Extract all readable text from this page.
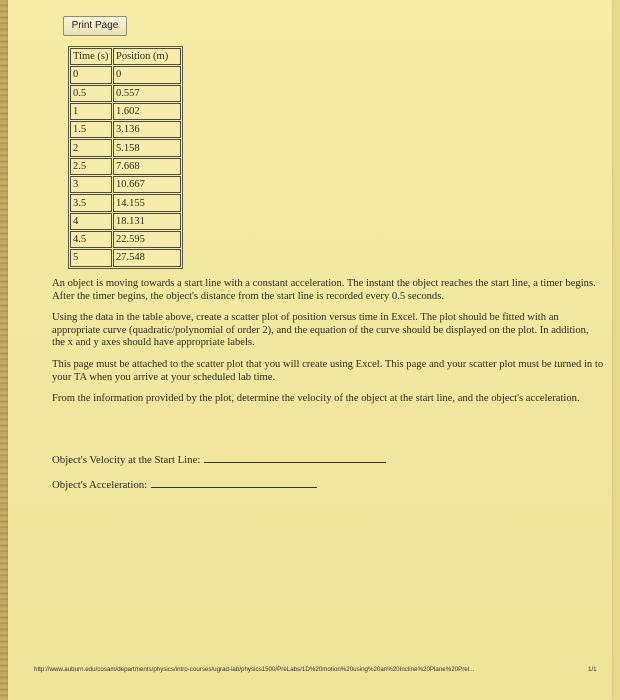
Print Page
Time (s)	Position (m)
0	0
0.5	0.557
1	1.602
1.5	3.136
2	5.158
2.5	7.668
3	10.667
3.5	14.155
4	18.131
4.5	22.595
5	27.548

An object is moving towards a start line with a constant acceleration. The instant the object reaches the start line, a timer begins. After the timer begins, the object's distance from the start line is recorded every 0.5 seconds.

Using the data in the table above, create a scatter plot of position versus time in Excel. The plot should be fitted with an appropriate curve (quadratic/polynomial of order 2), and the equation of the curve should be displayed on the plot. In addition, the x and y axes should have appropriate labels.

This page must be attached to the scatter plot that you will create using Excel. This page and your scatter plot must be turned in to your TA when you arrive at your scheduled lab time.

From the information provided by the plot, determine the velocity of the object at the start line, and the object's acceleration.

Object's Velocity at the Start Line:
Object's Acceleration:
http://www.auburn.edu/cosam/departments/physics/intro-courses/ugrad-lab/physics1500/PreLabs/1D%20motion%20using%20an%20Incline%20Plane%20Prel...	1/1
